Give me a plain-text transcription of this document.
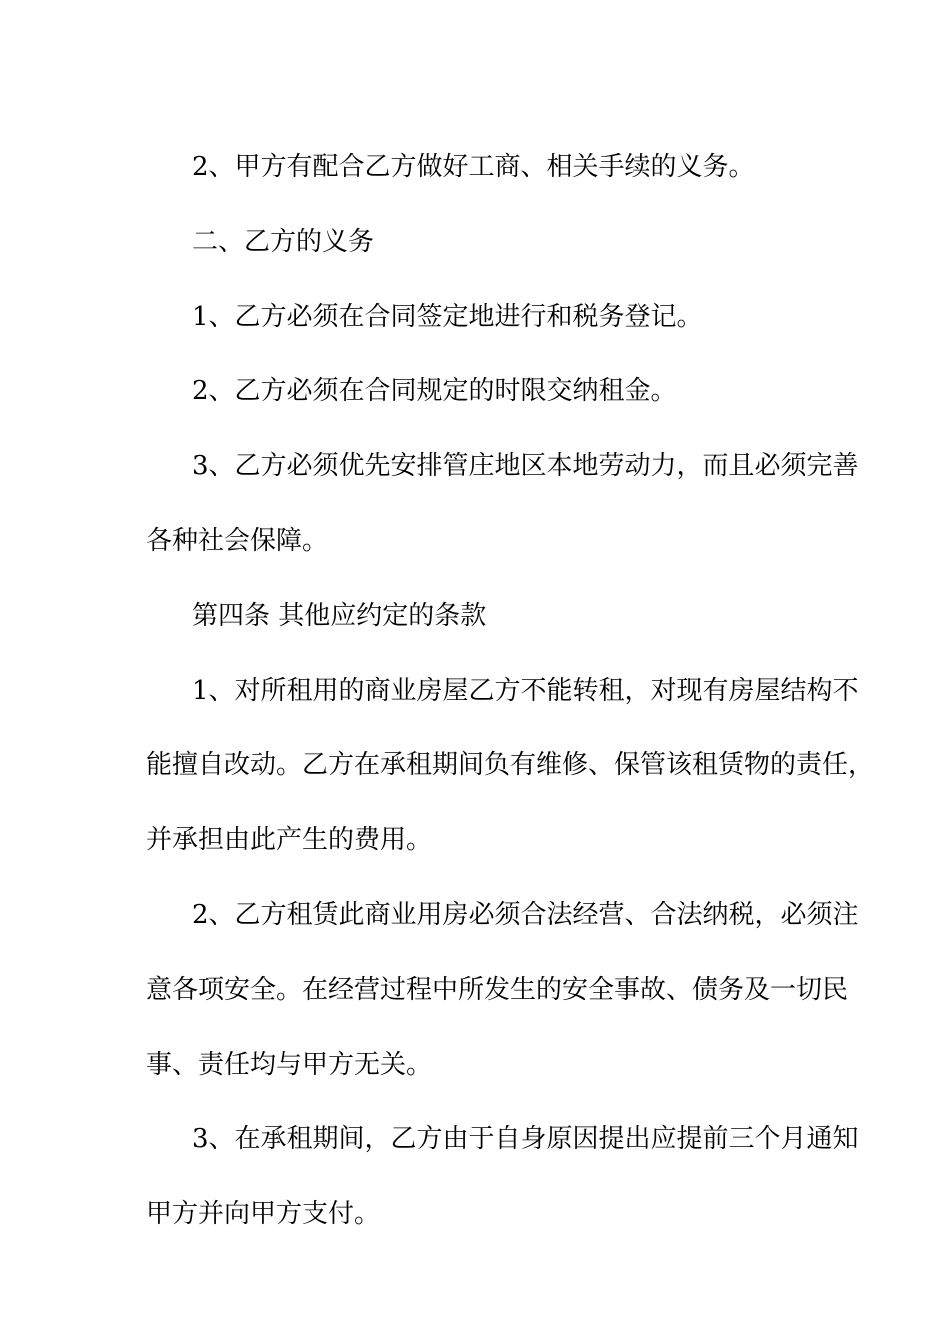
2、甲方有配合乙方做好工商、相关手续的义务。

二、乙方的义务

1、乙方必须在合同签定地进行和税务登记。

2、乙方必须在合同规定的时限交纳租金。

3、乙方必须优先安排管庄地区本地劳动力，而且必须完善
各种社会保障。

第四条 其他应约定的条款

1、对所租用的商业房屋乙方不能转租，对现有房屋结构不
能擅自改动。乙方在承租期间负有维修、保管该租赁物的责任，
并承担由此产生的费用。

2、乙方租赁此商业用房必须合法经营、合法纳税，必须注
意各项安全。在经营过程中所发生的安全事故、债务及一切民
事、责任均与甲方无关。

3、在承租期间，乙方由于自身原因提出应提前三个月通知
甲方并向甲方支付。
